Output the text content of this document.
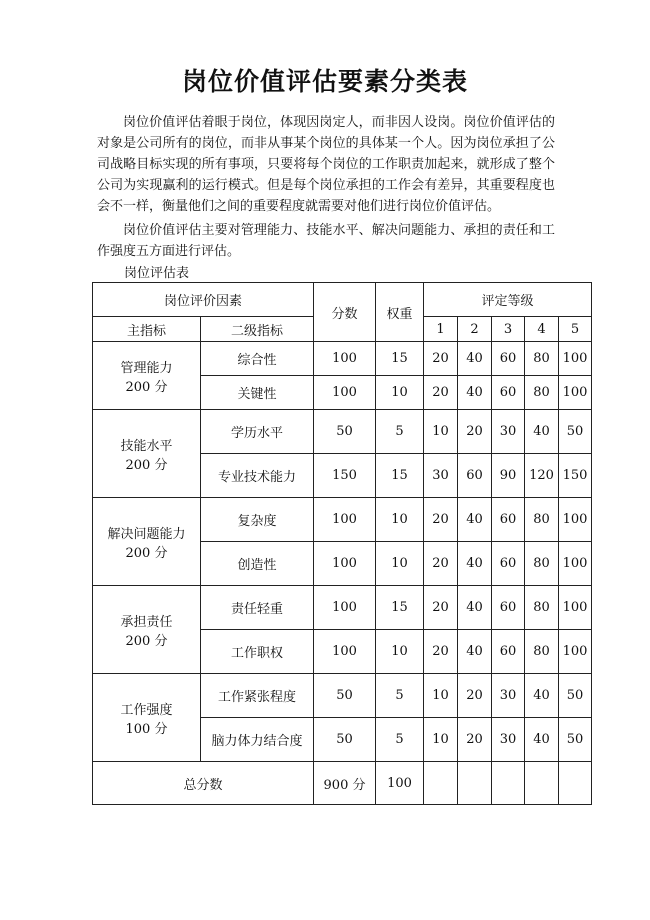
岗位价值评估要素分类表

岗位价值评估着眼于岗位，体现因岗定人，而非因人设岗。岗位价值评估的对象是公司所有的岗位，而非从事某个岗位的具体某一个人。因为岗位承担了公司战略目标实现的所有事项，只要将每个岗位的工作职责加起来，就形成了整个公司为实现赢利的运行模式。但是每个岗位承担的工作会有差异，其重要程度也会不一样，衡量他们之间的重要程度就需要对他们进行岗位价值评估。

岗位价值评估主要对管理能力、技能水平、解决问题能力、承担的责任和工作强度五方面进行评估。

岗位评估表
岗位评价因素		分数	权重	评定等级				
主指标	二级指标			1	2	3	4	5

管理能力
200 分	综合性	100	15	20	40	60	80	100
	关键性	100	10	20	40	60	80	100

技能水平
200 分	学历水平	50	5	10	20	30	40	50
	专业技术能力	150	15	30	60	90	120	150

解决问题能力
200 分	复杂度	100	10	20	40	60	80	100
	创造性	100	10	20	40	60	80	100

承担责任
200 分	责任轻重	100	15	20	40	60	80	100
	工作职权	100	10	20	40	60	80	100

工作强度
100 分	工作紧张程度	50	5	10	20	30	40	50
	脑力体力结合度	50	5	10	20	30	40	50
总分数		900 分	100					
